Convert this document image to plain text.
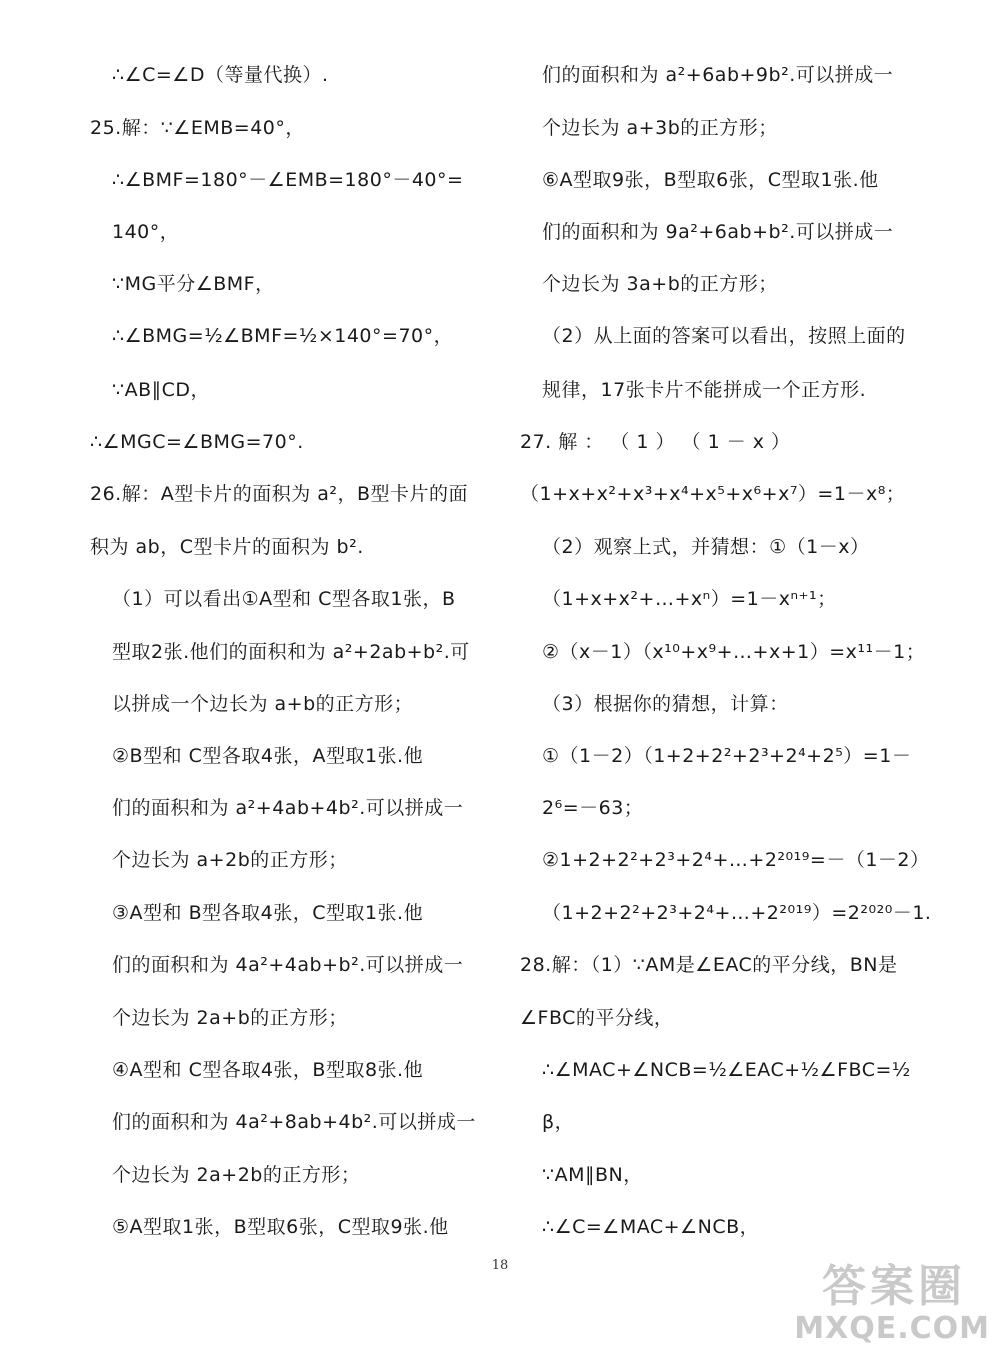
∴∠C=∠D（等量代换）.
25.解：∵∠EMB=40°，
∴∠BMF=180°－∠EMB=180°－40°=
140°，
∵MG平分∠BMF，
∴∠BMG=½∠BMF=½×140°=70°，
∵AB∥CD，
∴∠MGC=∠BMG=70°.
26.解：A型卡片的面积为 a²，B型卡片的面
积为 ab，C型卡片的面积为 b².
（1）可以看出①A型和 C型各取1张，B
型取2张.他们的面积和为 a²+2ab+b².可
以拼成一个边长为 a+b的正方形；
②B型和 C型各取4张，A型取1张.他
们的面积和为 a²+4ab+4b².可以拼成一
个边长为 a+2b的正方形；
③A型和 B型各取4张，C型取1张.他
们的面积和为 4a²+4ab+b².可以拼成一
个边长为 2a+b的正方形；
④A型和 C型各取4张，B型取8张.他
们的面积和为 4a²+8ab+4b².可以拼成一
个边长为 2a+2b的正方形；
⑤A型取1张，B型取6张，C型取9张.他
们的面积和为 a²+6ab+9b².可以拼成一
个边长为 a+3b的正方形；
⑥A型取9张，B型取6张，C型取1张.他
们的面积和为 9a²+6ab+b².可以拼成一
个边长为 3a+b的正方形；
（2）从上面的答案可以看出，按照上面的
规律，17张卡片不能拼成一个正方形.
27. 解 ： （ 1 ） （ 1 － x ）
（1+x+x²+x³+x⁴+x⁵+x⁶+x⁷）=1－x⁸；
（2）观察上式，并猜想：①（1－x）
（1+x+x²+…+xⁿ）=1－xⁿ⁺¹；
②（x－1）（x¹⁰+x⁹+…+x+1）=x¹¹－1；
（3）根据你的猜想，计算：
①（1－2）（1+2+2²+2³+2⁴+2⁵）=1－
2⁶=－63；
②1+2+2²+2³+2⁴+…+2²⁰¹⁹=－（1－2）
（1+2+2²+2³+2⁴+…+2²⁰¹⁹）=2²⁰²⁰－1.
28.解：（1）∵AM是∠EAC的平分线，BN是
∠FBC的平分线，
∴∠MAC+∠NCB=½∠EAC+½∠FBC=½
β，
∵AM∥BN，
∴∠C=∠MAC+∠NCB，
18	答案圈
MXQE.COM
